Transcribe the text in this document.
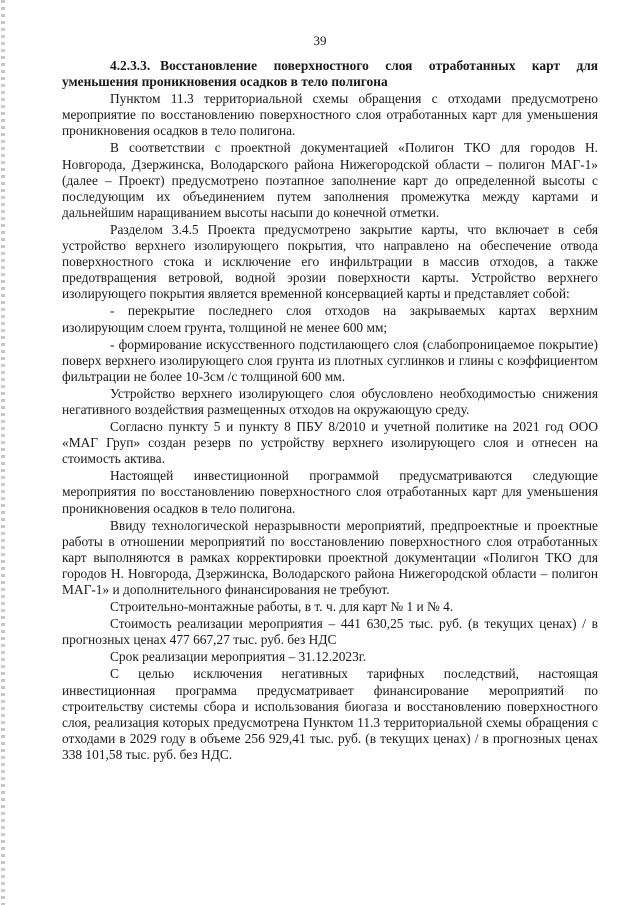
39
4.2.3.3. Восстановление поверхностного слоя отработанных карт для уменьшения проникновения осадков в тело полигона

Пунктом 11.3 территориальной схемы обращения с отходами предусмотрено мероприятие по восстановлению поверхностного слоя отработанных карт для уменьшения проникновения осадков в тело полигона.

В соответствии с проектной документацией «Полигон ТКО для городов Н. Новгорода, Дзержинска, Володарского района Нижегородской области – полигон МАГ-1» (далее – Проект) предусмотрено поэтапное заполнение карт до определенной высоты с последующим их объединением путем заполнения промежутка между картами и дальнейшим наращиванием высоты насыпи до конечной отметки.

Разделом 3.4.5 Проекта предусмотрено закрытие карты, что включает в себя устройство верхнего изолирующего покрытия, что направлено на обеспечение отвода поверхностного стока и исключение его инфильтрации в массив отходов, а также предотвращения ветровой, водной эрозии поверхности карты. Устройство верхнего изолирующего покрытия является временной консервацией карты и представляет собой:

- перекрытие последнего слоя отходов на закрываемых картах верхним изолирующим слоем грунта, толщиной не менее 600 мм;

- формирование искусственного подстилающего слоя (слабопроницаемое покрытие) поверх верхнего изолирующего слоя грунта из плотных суглинков и глины с коэффициентом фильтрации не более 10-3см /с толщиной 600 мм.

Устройство верхнего изолирующего слоя обусловлено необходимостью снижения негативного воздействия размещенных отходов на окружающую среду.

Согласно пункту 5 и пункту 8 ПБУ 8/2010 и учетной политике на 2021 год ООО «МАГ Груп» создан резерв по устройству верхнего изолирующего слоя и отнесен на стоимость актива.

Настоящей инвестиционной программой предусматриваются следующие мероприятия по восстановлению поверхностного слоя отработанных карт для уменьшения проникновения осадков в тело полигона.

Ввиду технологической неразрывности мероприятий, предпроектные и проектные работы в отношении мероприятий по восстановлению поверхностного слоя отработанных карт выполняются в рамках корректировки проектной документации «Полигон ТКО для городов Н. Новгорода, Дзержинска, Володарского района Нижегородской области – полигон МАГ-1» и дополнительного финансирования не требуют.

Строительно-монтажные работы, в т. ч. для карт № 1 и № 4.

Стоимость реализации мероприятия – 441 630,25 тыс. руб. (в текущих ценах) / в прогнозных ценах 477 667,27 тыс. руб. без НДС

Срок реализации мероприятия – 31.12.2023г.

С целью исключения негативных тарифных последствий, настоящая инвестиционная программа предусматривает финансирование мероприятий по строительству системы сбора и использования биогаза и восстановлению поверхностного слоя, реализация которых предусмотрена Пунктом 11.3 территориальной схемы обращения с отходами в 2029 году в объеме 256 929,41 тыс. руб. (в текущих ценах) / в прогнозных ценах 338 101,58 тыс. руб. без НДС.
